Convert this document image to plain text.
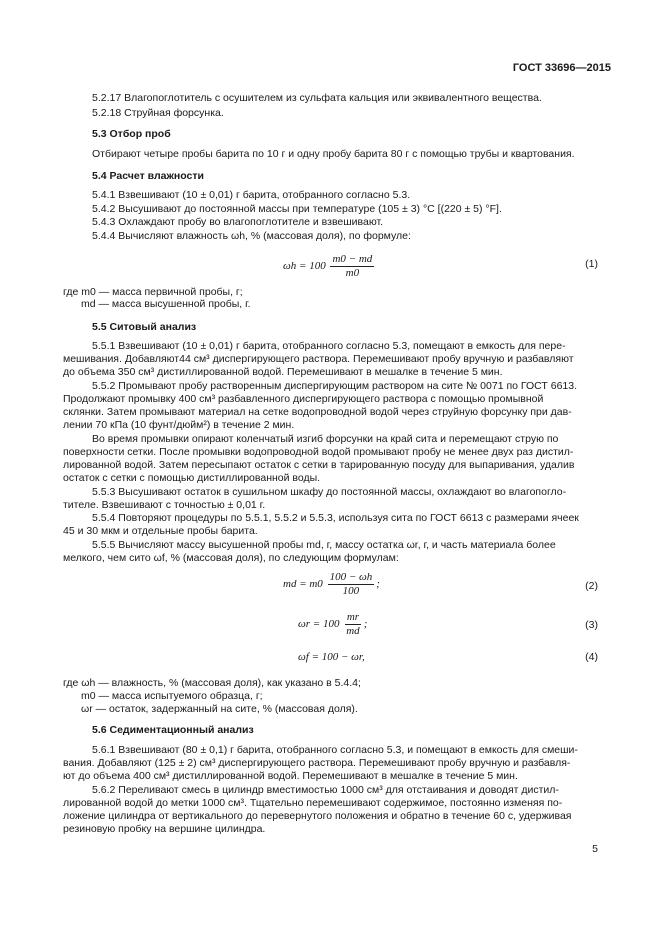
ГОСТ 33696—2015
5.2.17 Влагопоглотитель с осушителем из сульфата кальция или эквивалентного вещества.
5.2.18 Струйная форсунка.
5.3 Отбор проб
Отбирают четыре пробы барита по 10 г и одну пробу барита 80 г с помощью трубы и квартования.
5.4 Расчет влажности
5.4.1 Взвешивают (10 ± 0,01) г барита, отобранного согласно 5.3.
5.4.2 Высушивают до постоянной массы при температуре (105 ± 3) °С [(220 ± 5) °F].
5.4.3 Охлаждают пробу во влагопоглотителе и взвешивают.
5.4.4 Вычисляют влажность ωh, % (массовая доля), по формуле:
$\omega h = 100 \frac{m0 - md}{m0}$	(1)
где m0 — масса первичной пробы, г;
md — масса высушенной пробы, г.
5.5 Ситовый анализ
5.5.1 Взвешивают (10 ± 0,01) г барита, отобранного согласно 5.3, помещают в емкость для пере-
мешивания. Добавляют44 см³ диспергирующего раствора. Перемешивают пробу вручную и разбавляют
до объема 350 см³ дистиллированной водой. Перемешивают в мешалке в течение 5 мин.
5.5.2 Промывают пробу растворенным диспергирующим раствором на сите № 0071 по ГОСТ 6613.
Продолжают промывку 400 см³ разбавленного диспергирующего раствора с помощью промывной
склянки. Затем промывают материал на сетке водопроводной водой через струйную форсунку при дав-
лении 70 кПа (10 фунт/дюйм²) в течение 2 мин.
Во время промывки опирают коленчатый изгиб форсунки на край сита и перемещают струю по
поверхности сетки. После промывки водопроводной водой промывают пробу не менее двух раз дистил-
лированной водой. Затем пересыпают остаток с сетки в тарированную посуду для выпаривания, удалив
остаток с сетки с помощью дистиллированной воды.
5.5.3 Высушивают остаток в сушильном шкафу до постоянной массы, охлаждают во влагопогло-
тителе. Взвешивают с точностью ± 0,01 г.
5.5.4 Повторяют процедуры по 5.5.1, 5.5.2 и 5.5.3, используя сита по ГОСТ 6613 с размерами ячеек
45 и 30 мкм и отдельные пробы барита.
5.5.5 Вычисляют массу высушенной пробы md, г, массу остатка ωr, г, и часть материала более
мелкого, чем сито ωf, % (массовая доля), по следующим формулам:
md = $m0 \frac{100 - \omega h}{100}$ ;	(2)
$\omega r = 100 \frac{mr}{md}$ ;	(3)
ωf = 100 − ωr,	(4)
где ωh — влажность, % (массовая доля), как указано в 5.4.4;
m0 — масса испытуемого образца, г;
ωr — остаток, задержанный на сите, % (массовая доля).
5.6 Седиментационный анализ
5.6.1 Взвешивают (80 ± 0,1) г барита, отобранного согласно 5.3, и помещают в емкость для смеши-
вания. Добавляют (125 ± 2) см³ диспергирующего раствора. Перемешивают пробу вручную и разбавля-
ют до объема 400 см³ дистиллированной водой. Перемешивают в мешалке в течение 5 мин.
5.6.2 Переливают смесь в цилиндр вместимостью 1000 см³ для отстаивания и доводят дистил-
лированной водой до метки 1000 см³. Тщательно перемешивают содержимое, постоянно изменяя по-
ложение цилиндра от вертикального до перевернутого положения и обратно в течение 60 с, удерживая
резиновую пробку на вершине цилиндра.
5
